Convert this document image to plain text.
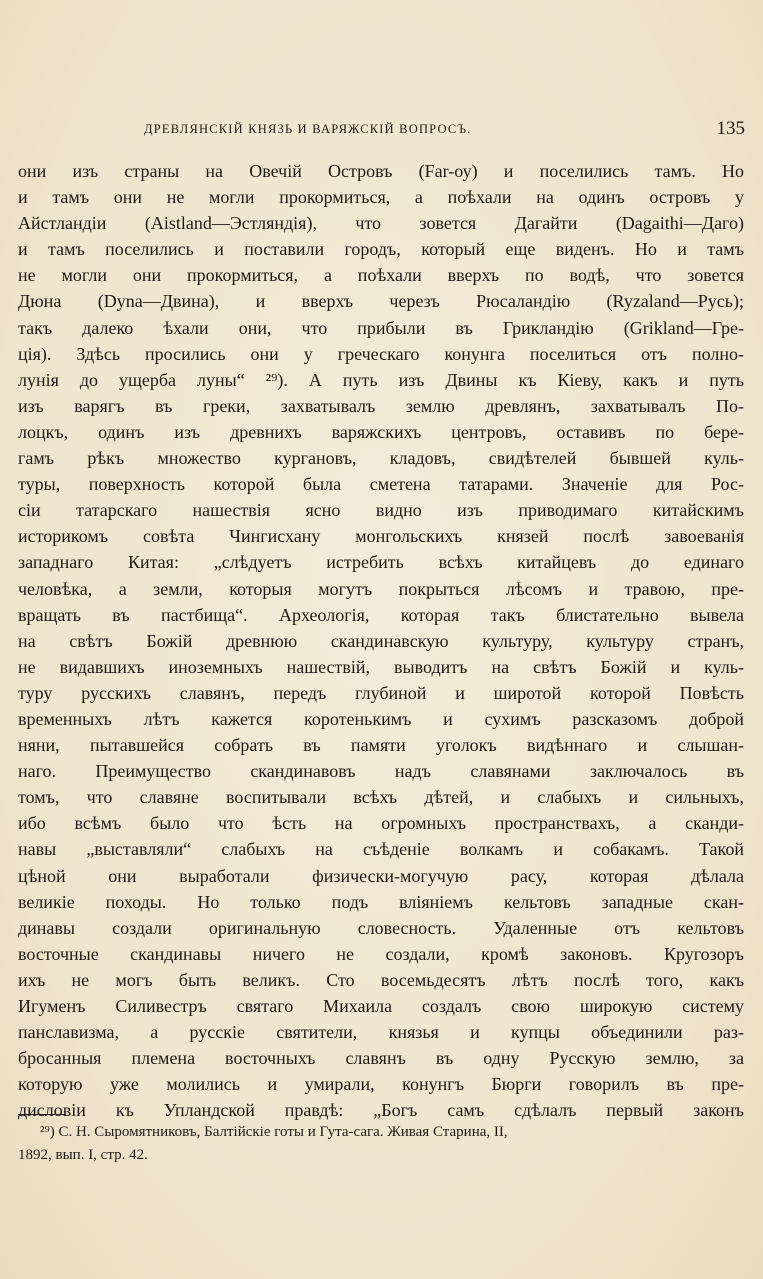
ДРЕВЛЯНСКІЙ КНЯЗЬ И ВАРЯЖСКІЙ ВОПРОСЪ.	135
они изъ страны на Овечій Островъ (Far-оу) и поселились тамъ. Но
и тамъ они не могли прокормиться, а поѣхали на одинъ островъ у
Айстландіи (Aistland—Эстляндія), что зовется Дагайти (Dagaithi—Даго)
и тамъ поселились и поставили городъ, который еще виденъ. Но и тамъ
не могли они прокормиться, а поѣхали вверхъ по водѣ, что зовется
Дюна (Dyna—Двина), и вверхъ черезъ Рюсаландію (Ryzaland—Русь);
такъ далеко ѣхали они, что прибыли въ Грикландію (Grikland—Гре-
ція). Здѣсь просились они у греческаго конунга поселиться отъ полно-
лунія до ущерба луны“ ²⁹). А путь изъ Двины къ Кіеву, какъ и путь
изъ варягъ въ греки, захватывалъ землю древлянъ, захватывалъ По-
лоцкъ, одинъ изъ древнихъ варяжскихъ центровъ, оставивъ по бере-
гамъ рѣкъ множество кургановъ, кладовъ, свидѣтелей бывшей куль-
туры, поверхность которой была сметена татарами. Значеніе для Рос-
сіи татарскаго нашествія ясно видно изъ приводимаго китайскимъ
историкомъ совѣта Чингисхану монгольскихъ князей послѣ завоеванія
западнаго Китая: „слѣдуетъ истребить всѣхъ китайцевъ до единаго
человѣка, а земли, которыя могутъ покрыться лѣсомъ и травою, пре-
вращать въ пастбища“. Археологія, которая такъ блистательно вывела
на свѣтъ Божій древнюю скандинавскую культуру, культуру странъ,
не видавшихъ иноземныхъ нашествій, выводитъ на свѣтъ Божій и куль-
туру русскихъ славянъ, передъ глубиной и широтой которой Повѣсть
временныхъ лѣтъ кажется коротенькимъ и сухимъ разсказомъ доброй
няни, пытавшейся собрать въ памяти уголокъ видѣннаго и слышан-
наго. Преимущество скандинавовъ надъ славянами заключалось въ
томъ, что славяне воспитывали всѣхъ дѣтей, и слабыхъ и сильныхъ,
ибо всѣмъ было что ѣсть на огромныхъ пространствахъ, а сканди-
навы „выставляли“ слабыхъ на съѣденіе волкамъ и собакамъ. Такой
цѣной они выработали физически-могучую расу, которая дѣлала
великіе походы. Но только подъ вліяніемъ кельтовъ западные скан-
динавы создали оригинальную словесность. Удаленные отъ кельтовъ
восточные скандинавы ничего не создали, кромѣ законовъ. Кругозоръ
ихъ не могъ быть великъ. Сто восемьдесятъ лѣтъ послѣ того, какъ
Игуменъ Силивестръ святаго Михаила создалъ свою широкую систему
панславизма, а русскіе святители, князья и купцы объединили раз-
бросанныя племена восточныхъ славянъ въ одну Русскую землю, за
которую уже молились и умирали, конунгъ Бюрги говорилъ въ пре-
дисловіи къ Упландской правдѣ: „Богъ самъ сдѣлалъ первый законъ
²⁹) С. Н. Сыромятниковъ, Балтійскіе готы и Гута-сага. Живая Старина, II,
1892, вып. I, стр. 42.
